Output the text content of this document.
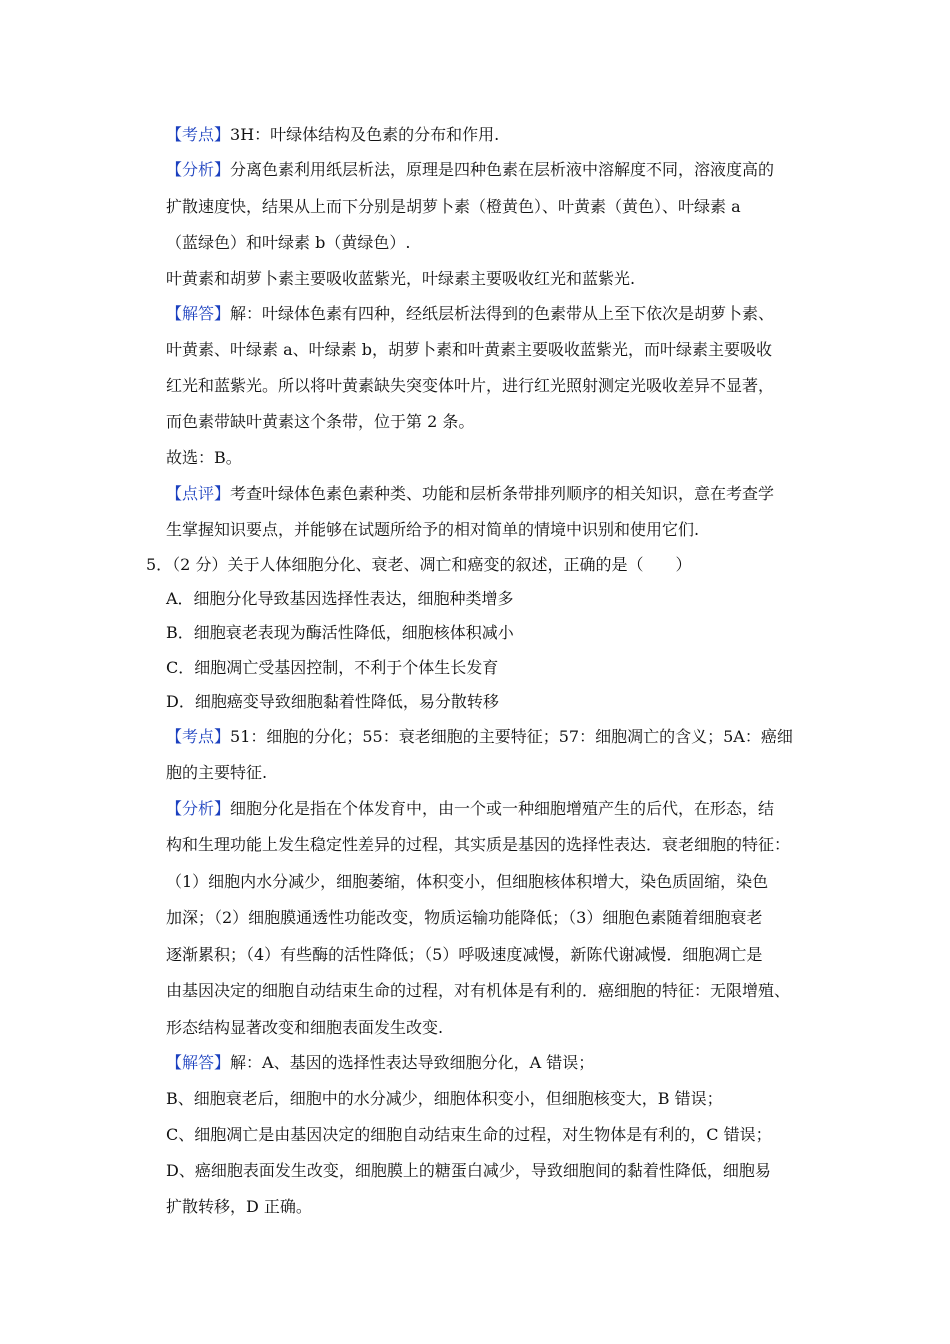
【考点】3H：叶绿体结构及色素的分布和作用.
【分析】分离色素利用纸层析法，原理是四种色素在层析液中溶解度不同，溶液度高的
扩散速度快，结果从上而下分别是胡萝卜素（橙黄色）、叶黄素（黄色）、叶绿素 a
（蓝绿色）和叶绿素 b（黄绿色）.
叶黄素和胡萝卜素主要吸收蓝紫光，叶绿素主要吸收红光和蓝紫光.
【解答】解：叶绿体色素有四种，经纸层析法得到的色素带从上至下依次是胡萝卜素、
叶黄素、叶绿素 a、叶绿素 b，胡萝卜素和叶黄素主要吸收蓝紫光，而叶绿素主要吸收
红光和蓝紫光。所以将叶黄素缺失突变体叶片，进行红光照射测定光吸收差异不显著，
而色素带缺叶黄素这个条带，位于第 2 条。
故选：B。
【点评】考查叶绿体色素色素种类、功能和层析条带排列顺序的相关知识，意在考查学
生掌握知识要点，并能够在试题所给予的相对简单的情境中识别和使用它们.
5．（2 分）关于人体细胞分化、衰老、凋亡和癌变的叙述，正确的是（　　）
A．细胞分化导致基因选择性表达，细胞种类增多
B．细胞衰老表现为酶活性降低，细胞核体积减小
C．细胞凋亡受基因控制，不利于个体生长发育
D．细胞癌变导致细胞黏着性降低，易分散转移
【考点】51：细胞的分化；55：衰老细胞的主要特征；57：细胞凋亡的含义；5A：癌细
胞的主要特征.
【分析】细胞分化是指在个体发育中，由一个或一种细胞增殖产生的后代，在形态，结
构和生理功能上发生稳定性差异的过程，其实质是基因的选择性表达．衰老细胞的特征：
（1）细胞内水分减少，细胞萎缩，体积变小，但细胞核体积增大，染色质固缩，染色
加深；（2）细胞膜通透性功能改变，物质运输功能降低；（3）细胞色素随着细胞衰老
逐渐累积；（4）有些酶的活性降低；（5）呼吸速度减慢，新陈代谢减慢．细胞凋亡是
由基因决定的细胞自动结束生命的过程，对有机体是有利的．癌细胞的特征：无限增殖、
形态结构显著改变和细胞表面发生改变.
【解答】解：A、基因的选择性表达导致细胞分化，A 错误；
B、细胞衰老后，细胞中的水分减少，细胞体积变小，但细胞核变大，B 错误；
C、细胞凋亡是由基因决定的细胞自动结束生命的过程，对生物体是有利的，C 错误；
D、癌细胞表面发生改变，细胞膜上的糖蛋白减少，导致细胞间的黏着性降低，细胞易
扩散转移，D 正确。
